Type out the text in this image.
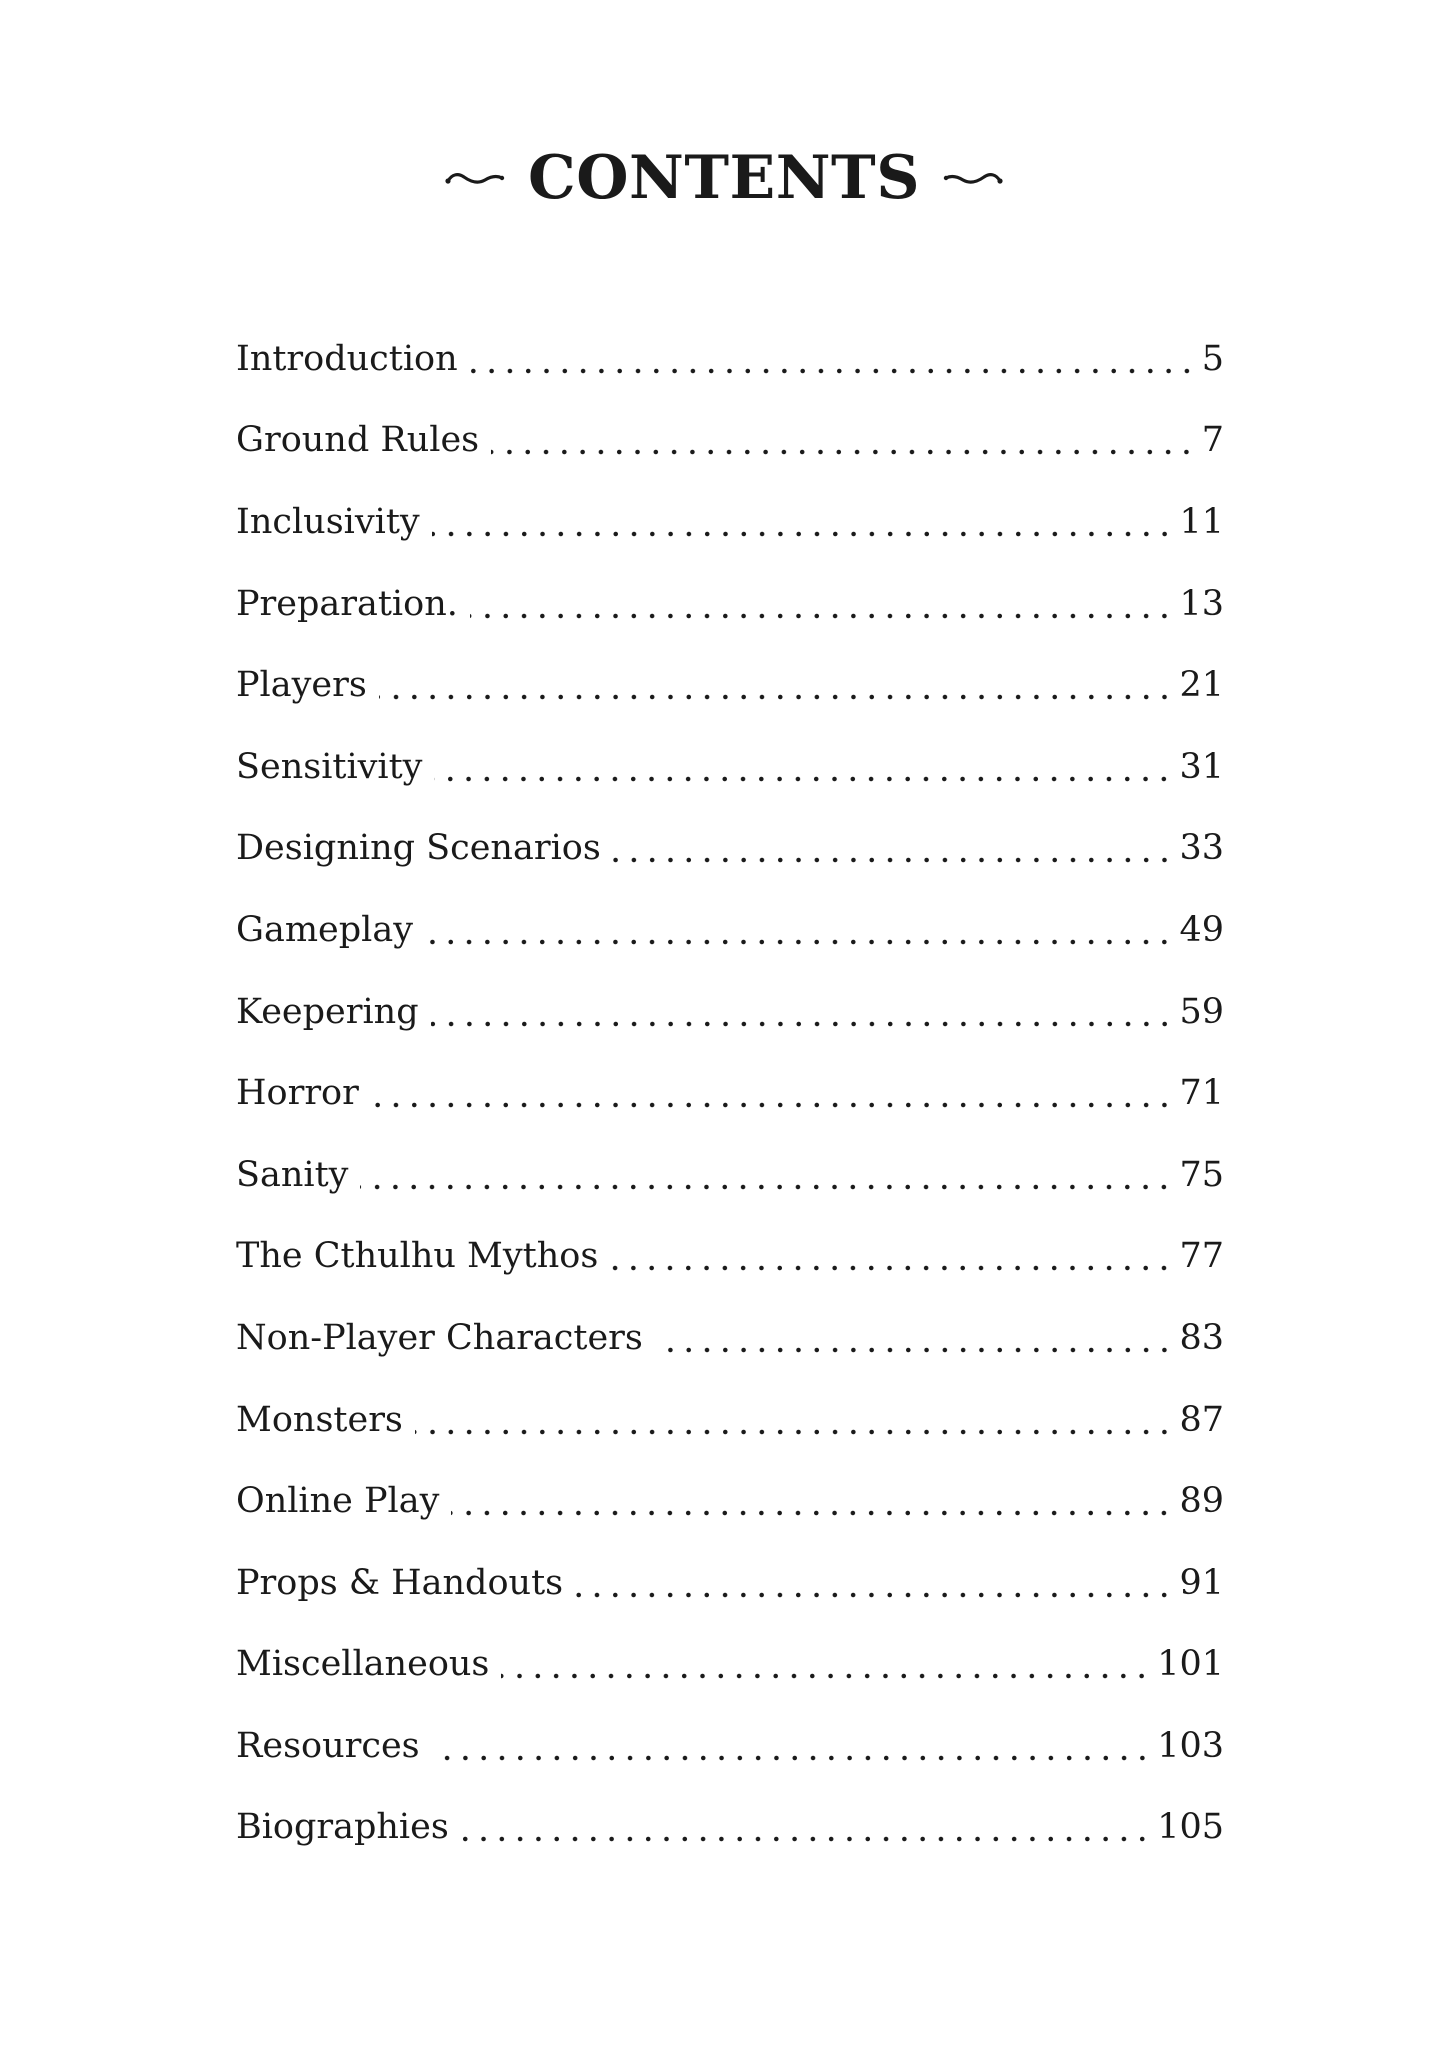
CONTENTS
Introduction	5
Ground Rules	7
Inclusivity	11
Preparation.	13
Players	21
Sensitivity	31
Designing Scenarios	33
Gameplay	49
Keepering	59
Horror	71
Sanity	75
The Cthulhu Mythos	77
Non-Player Characters	83
Monsters	87
Online Play	89
Props & Handouts	91
Miscellaneous	101
Resources	103
Biographies	105
